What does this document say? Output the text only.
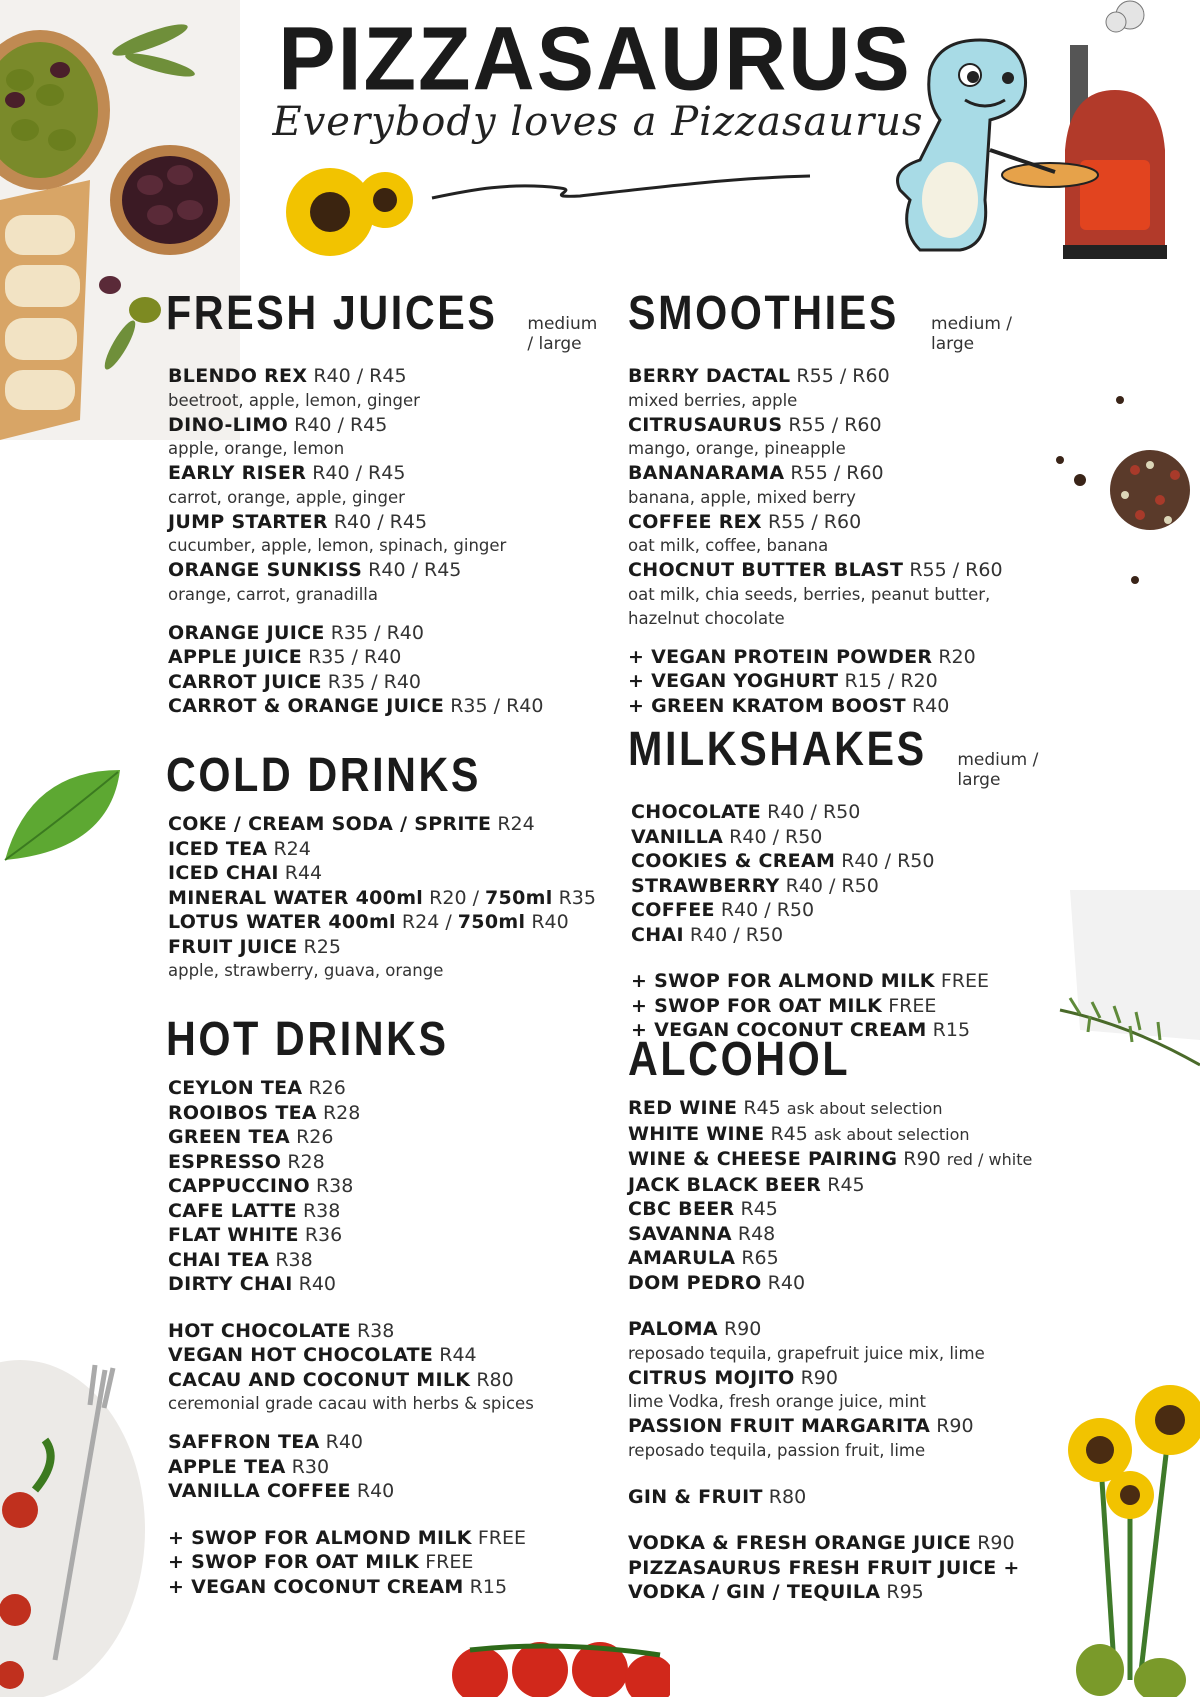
PIZZASAURUS
Everybody loves a Pizzasaurus
FRESH JUICES medium / large
BLENDO REX R40 / R45
beetroot, apple, lemon, ginger
DINO-LIMO R40 / R45
apple, orange, lemon
EARLY RISER R40 / R45
carrot, orange, apple, ginger
JUMP STARTER R40 / R45
cucumber, apple, lemon, spinach, ginger
ORANGE SUNKISS R40 / R45
orange, carrot, granadilla
ORANGE JUICE R35 / R40
APPLE JUICE R35 / R40
CARROT JUICE R35 / R40
CARROT & ORANGE JUICE R35 / R40
COLD DRINKS
COKE / CREAM SODA / SPRITE R24
ICED TEA R24
ICED CHAI R44
MINERAL WATER 400ml R20 / 750ml R35
LOTUS WATER 400ml R24 / 750ml R40
FRUIT JUICE R25
apple, strawberry, guava, orange
HOT DRINKS
CEYLON TEA R26
ROOIBOS TEA R28
GREEN TEA R26
ESPRESSO R28
CAPPUCCINO R38
CAFE LATTE R38
FLAT WHITE R36
CHAI TEA R38
DIRTY CHAI R40
HOT CHOCOLATE R38
VEGAN HOT CHOCOLATE R44
CACAU AND COCONUT MILK R80
ceremonial grade cacau with herbs & spices
SAFFRON TEA R40
APPLE TEA R30
VANILLA COFFEE R40
+ SWOP FOR ALMOND MILK FREE
+ SWOP FOR OAT MILK FREE
+ VEGAN COCONUT CREAM R15
SMOOTHIES medium / large
BERRY DACTAL R55 / R60
mixed berries, apple
CITRUSAURUS R55 / R60
mango, orange, pineapple
BANANARAMA R55 / R60
banana, apple, mixed berry
COFFEE REX R55 / R60
oat milk, coffee, banana
CHOCNUT BUTTER BLAST R55 / R60
oat milk, chia seeds, berries, peanut butter,
hazelnut chocolate
+ VEGAN PROTEIN POWDER R20
+ VEGAN YOGHURT R15 / R20
+ GREEN KRATOM BOOST R40
MILKSHAKES medium / large
CHOCOLATE R40 / R50
VANILLA R40 / R50
COOKIES & CREAM R40 / R50
STRAWBERRY R40 / R50
COFFEE R40 / R50
CHAI R40 / R50
+ SWOP FOR ALMOND MILK FREE
+ SWOP FOR OAT MILK FREE
+ VEGAN COCONUT CREAM R15
ALCOHOL
RED WINE R45 ask about selection
WHITE WINE R45 ask about selection
WINE & CHEESE PAIRING R90 red / white
JACK BLACK BEER R45
CBC BEER R45
SAVANNA R48
AMARULA R65
DOM PEDRO R40
PALOMA R90
reposado tequila, grapefruit juice mix, lime
CITRUS MOJITO R90
lime Vodka, fresh orange juice, mint
PASSION FRUIT MARGARITA R90
reposado tequila, passion fruit, lime
GIN & FRUIT R80
VODKA & FRESH ORANGE JUICE R90
PIZZASAURUS FRESH FRUIT JUICE +
VODKA / GIN / TEQUILA R95
